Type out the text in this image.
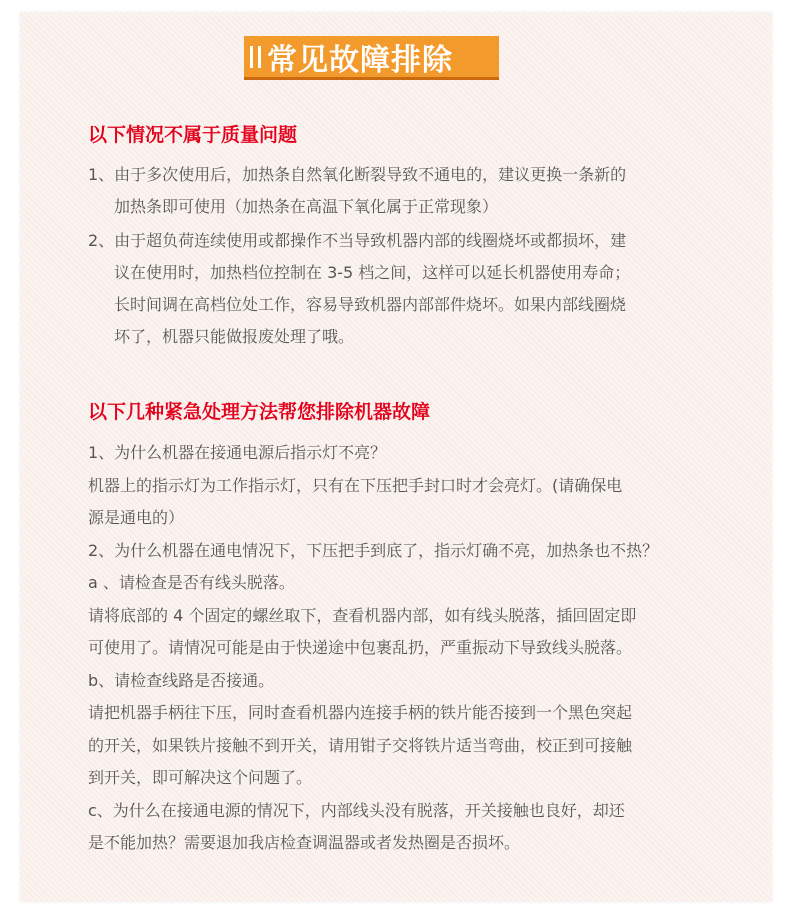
常见故障排除
以下情况不属于质量问题
1、由于多次使用后，加热条自然氧化断裂导致不通电的，建议更换一条新的
加热条即可使用（加热条在高温下氧化属于正常现象）
2、由于超负荷连续使用或都操作不当导致机器内部的线圈烧坏或都损坏，建
议在使用时，加热档位控制在 3-5 档之间，这样可以延长机器使用寿命；
长时间调在高档位处工作，容易导致机器内部部件烧坏。如果内部线圈烧
坏了，机器只能做报废处理了哦。
以下几种紧急处理方法帮您排除机器故障
1、为什么机器在接通电源后指示灯不亮？
机器上的指示灯为工作指示灯，只有在下压把手封口时才会亮灯。(请确保电
源是通电的）
2、为什么机器在通电情况下，下压把手到底了，指示灯确不亮，加热条也不热？
a 、请检查是否有线头脱落。
请将底部的 4 个固定的螺丝取下，查看机器内部，如有线头脱落，插回固定即
可使用了。请情况可能是由于快递途中包裹乱扔，严重振动下导致线头脱落。
b、请检查线路是否接通。
请把机器手柄往下压，同时查看机器内连接手柄的铁片能否接到一个黑色突起
的开关，如果铁片接触不到开关，请用钳子交将铁片适当弯曲，校正到可接触
到开关，即可解决这个问题了。
c、为什么在接通电源的情况下，内部线头没有脱落，开关接触也良好，却还
是不能加热？需要退加我店检查调温器或者发热圈是否损坏。
